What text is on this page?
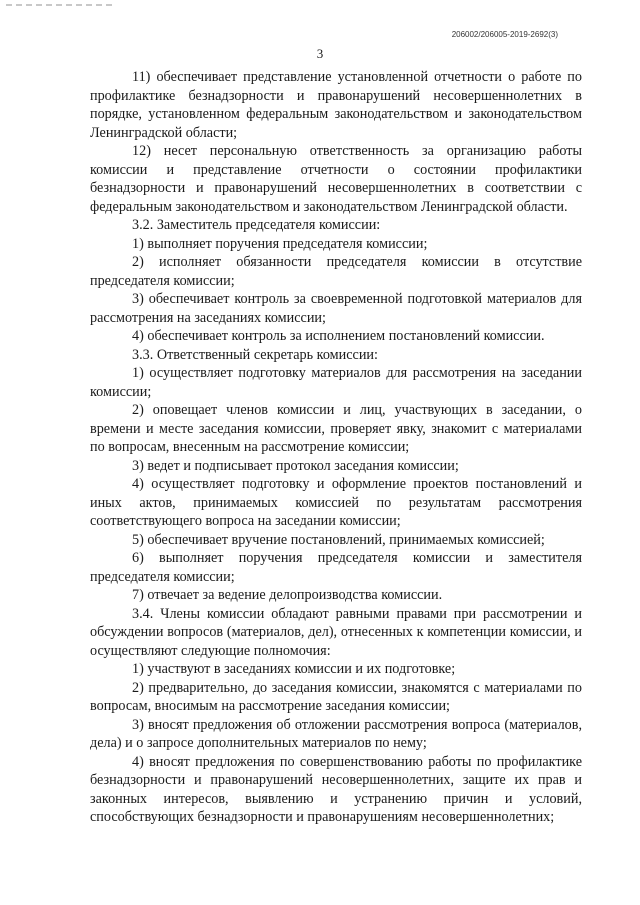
206002/206005-2019-2692(3)
3

11) обеспечивает представление установленной отчетности о работе по профилактике безнадзорности и правонарушений несовершеннолетних в порядке, установленном федеральным законодательством и законодательством Ленинградской области;

12) несет персональную ответственность за организацию работы комиссии и представление отчетности о состоянии профилактики безнадзорности и правонарушений несовершеннолетних в соответствии с федеральным законодательством и законодательством Ленинградской области.

3.2. Заместитель председателя комиссии:

1) выполняет поручения председателя комиссии;

2) исполняет обязанности председателя комиссии в отсутствие председателя комиссии;

3) обеспечивает контроль за своевременной подготовкой материалов для рассмотрения на заседаниях комиссии;

4) обеспечивает контроль за исполнением постановлений комиссии.

3.3. Ответственный секретарь комиссии:

1) осуществляет подготовку материалов для рассмотрения на заседании комиссии;

2) оповещает членов комиссии и лиц, участвующих в заседании, о времени и месте заседания комиссии, проверяет явку, знакомит с материалами по вопросам, внесенным на рассмотрение комиссии;

3) ведет и подписывает протокол заседания комиссии;

4) осуществляет подготовку и оформление проектов постановлений и иных актов, принимаемых комиссией по результатам рассмотрения соответствующего вопроса на заседании комиссии;

5) обеспечивает вручение постановлений, принимаемых комиссией;

6) выполняет поручения председателя комиссии и заместителя председателя комиссии;

7) отвечает за ведение делопроизводства комиссии.

3.4. Члены комиссии обладают равными правами при рассмотрении и обсуждении вопросов (материалов, дел), отнесенных к компетенции комиссии, и осуществляют следующие полномочия:

1) участвуют в заседаниях комиссии и их подготовке;

2) предварительно, до заседания комиссии, знакомятся с материалами по вопросам, вносимым на рассмотрение заседания комиссии;

3) вносят предложения об отложении рассмотрения вопроса (материалов, дела) и о запросе дополнительных материалов по нему;

4) вносят предложения по совершенствованию работы по профилактике безнадзорности и правонарушений несовершеннолетних, защите их прав и законных интересов, выявлению и устранению причин и условий, способствующих безнадзорности и правонарушениям несовершеннолетних;
